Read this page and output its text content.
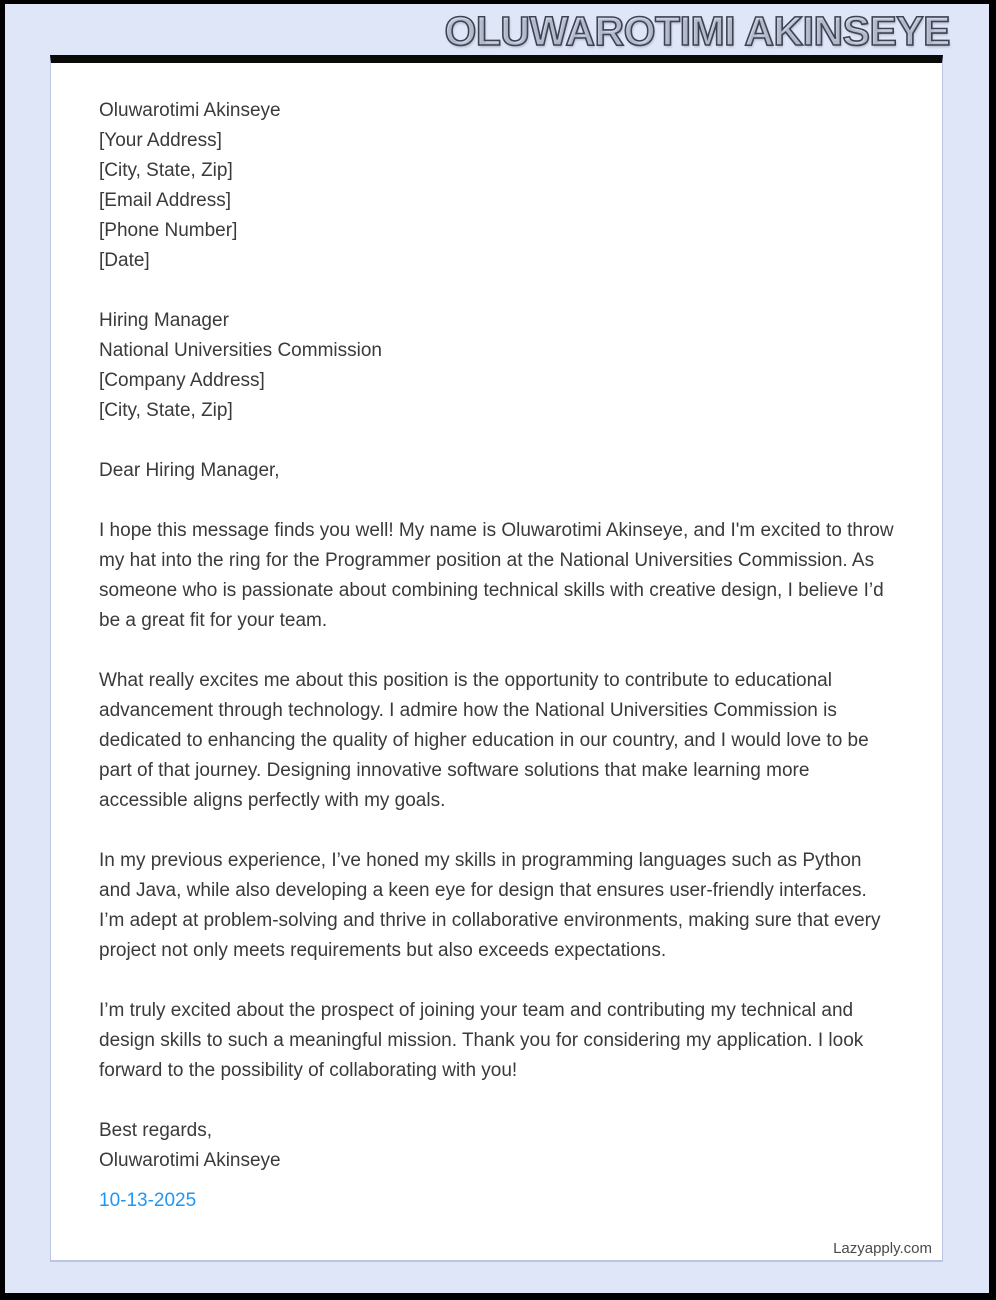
OLUWAROTIMI AKINSEYE
Oluwarotimi Akinseye
[Your Address]
[City, State, Zip]
[Email Address]
[Phone Number]
[Date]
Hiring Manager
National Universities Commission
[Company Address]
[City, State, Zip]
Dear Hiring Manager,

I hope this message finds you well! My name is Oluwarotimi Akinseye, and I'm excited to throw my hat into the ring for the Programmer position at the National Universities Commission. As someone who is passionate about combining technical skills with creative design, I believe I’d be a great fit for your team.

What really excites me about this position is the opportunity to contribute to educational advancement through technology. I admire how the National Universities Commission is dedicated to enhancing the quality of higher education in our country, and I would love to be part of that journey. Designing innovative software solutions that make learning more accessible aligns perfectly with my goals.

In my previous experience, I’ve honed my skills in programming languages such as Python and Java, while also developing a keen eye for design that ensures user-friendly interfaces. I’m adept at problem-solving and thrive in collaborative environments, making sure that every project not only meets requirements but also exceeds expectations.

I’m truly excited about the prospect of joining your team and contributing my technical and design skills to such a meaningful mission. Thank you for considering my application. I look forward to the possibility of collaborating with you!

Best regards,
Oluwarotimi Akinseye
10-13-2025
Lazyapply.com
